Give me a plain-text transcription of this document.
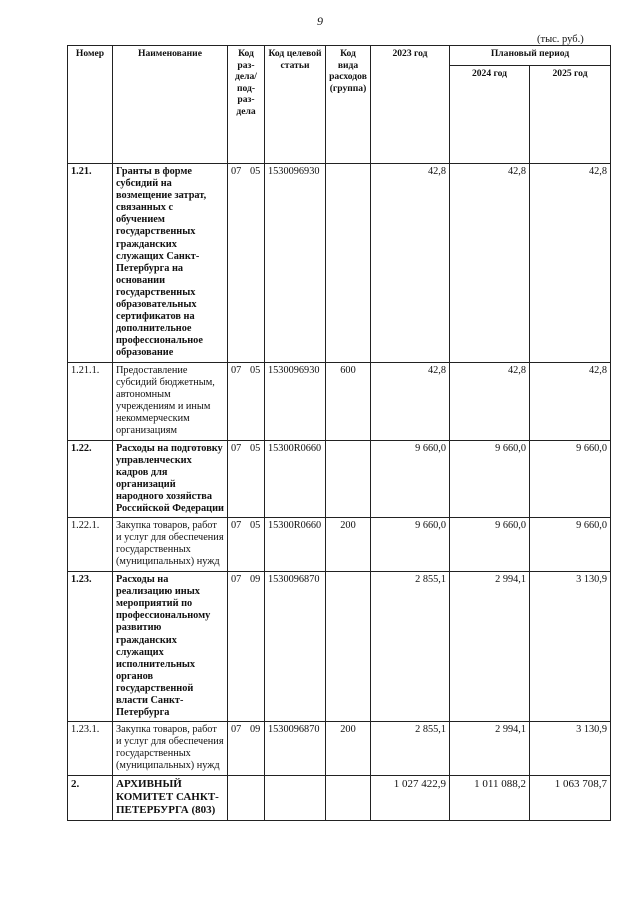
9
(тыс. руб.)
Номер	Наименование	Код раз-дела/под-раз-дела	Код целевой статьи	Код вида расходов (группа)	2023 год	Плановый период	
						2024 год	2025 год
1.21.	Гранты в форме субсидий на возмещение затрат, связанных с обучением государственных гражданских служащих Санкт-Петербурга на основании государственных образовательных сертификатов на дополнительное профессиональное образование	07 05	1530096930		42,8	42,8	42,8
1.21.1.	Предоставление субсидий бюджетным, автономным учреждениям и иным некоммерческим организациям	07 05	1530096930	600	42,8	42,8	42,8
1.22.	Расходы на подготовку управленческих кадров для организаций народного хозяйства Российской Федерации	07 05	15300R0660		9 660,0	9 660,0	9 660,0
1.22.1.	Закупка товаров, работ и услуг для обеспечения государственных (муниципальных) нужд	07 05	15300R0660	200	9 660,0	9 660,0	9 660,0
1.23.	Расходы на реализацию иных мероприятий по профессиональному развитию гражданских служащих исполнительных органов государственной власти Санкт-Петербурга	07 09	1530096870		2 855,1	2 994,1	3 130,9
1.23.1.	Закупка товаров, работ и услуг для обеспечения государственных (муниципальных) нужд	07 09	1530096870	200	2 855,1	2 994,1	3 130,9
2.	АРХИВНЫЙ КОМИТЕТ САНКТ-ПЕТЕРБУРГА (803)				1 027 422,9	1 011 088,2	1 063 708,7
